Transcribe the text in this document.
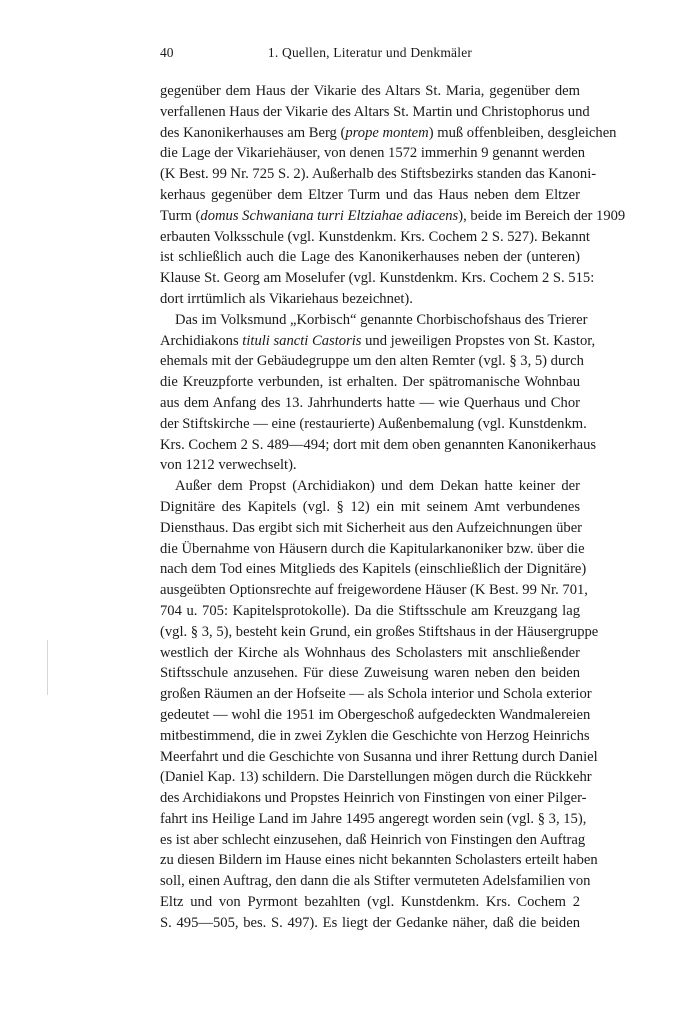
40	1. Quellen, Literatur und Denkmäler
gegenüber dem Haus der Vikarie des Altars St. Maria, gegenüber dem
verfallenen Haus der Vikarie des Altars St. Martin und Christophorus und
des Kanonikerhauses am Berg (prope montem) muß offenbleiben, desgleichen
die Lage der Vikariehäuser, von denen 1572 immerhin 9 genannt werden
(K Best. 99 Nr. 725 S. 2). Außerhalb des Stiftsbezirks standen das Kanoni-
kerhaus gegenüber dem Eltzer Turm und das Haus neben dem Eltzer
Turm (domus Schwaniana turri Eltziahae adiacens), beide im Bereich der 1909
erbauten Volksschule (vgl. Kunstdenkm. Krs. Cochem 2 S. 527). Bekannt
ist schließlich auch die Lage des Kanonikerhauses neben der (unteren)
Klause St. Georg am Moselufer (vgl. Kunstdenkm. Krs. Cochem 2 S. 515:
dort irrtümlich als Vikariehaus bezeichnet).
Das im Volksmund „Korbisch“ genannte Chorbischofshaus des Trierer
Archidiakons tituli sancti Castoris und jeweiligen Propstes von St. Kastor,
ehemals mit der Gebäudegruppe um den alten Remter (vgl. § 3, 5) durch
die Kreuzpforte verbunden, ist erhalten. Der spätromanische Wohnbau
aus dem Anfang des 13. Jahrhunderts hatte — wie Querhaus und Chor
der Stiftskirche — eine (restaurierte) Außenbemalung (vgl. Kunstdenkm.
Krs. Cochem 2 S. 489—494; dort mit dem oben genannten Kanonikerhaus
von 1212 verwechselt).
Außer dem Propst (Archidiakon) und dem Dekan hatte keiner der
Dignitäre des Kapitels (vgl. § 12) ein mit seinem Amt verbundenes
Diensthaus. Das ergibt sich mit Sicherheit aus den Aufzeichnungen über
die Übernahme von Häusern durch die Kapitularkanoniker bzw. über die
nach dem Tod eines Mitglieds des Kapitels (einschließlich der Dignitäre)
ausgeübten Optionsrechte auf freigewordene Häuser (K Best. 99 Nr. 701,
704 u. 705: Kapitelsprotokolle). Da die Stiftsschule am Kreuzgang lag
(vgl. § 3, 5), besteht kein Grund, ein großes Stiftshaus in der Häusergruppe
westlich der Kirche als Wohnhaus des Scholasters mit anschließender
Stiftsschule anzusehen. Für diese Zuweisung waren neben den beiden
großen Räumen an der Hofseite — als Schola interior und Schola exterior
gedeutet — wohl die 1951 im Obergeschoß aufgedeckten Wandmalereien
mitbestimmend, die in zwei Zyklen die Geschichte von Herzog Heinrichs
Meerfahrt und die Geschichte von Susanna und ihrer Rettung durch Daniel
(Daniel Kap. 13) schildern. Die Darstellungen mögen durch die Rückkehr
des Archidiakons und Propstes Heinrich von Finstingen von einer Pilger-
fahrt ins Heilige Land im Jahre 1495 angeregt worden sein (vgl. § 3, 15),
es ist aber schlecht einzusehen, daß Heinrich von Finstingen den Auftrag
zu diesen Bildern im Hause eines nicht bekannten Scholasters erteilt haben
soll, einen Auftrag, den dann die als Stifter vermuteten Adelsfamilien von
Eltz und von Pyrmont bezahlten (vgl. Kunstdenkm. Krs. Cochem 2
S. 495—505, bes. S. 497). Es liegt der Gedanke näher, daß die beiden
